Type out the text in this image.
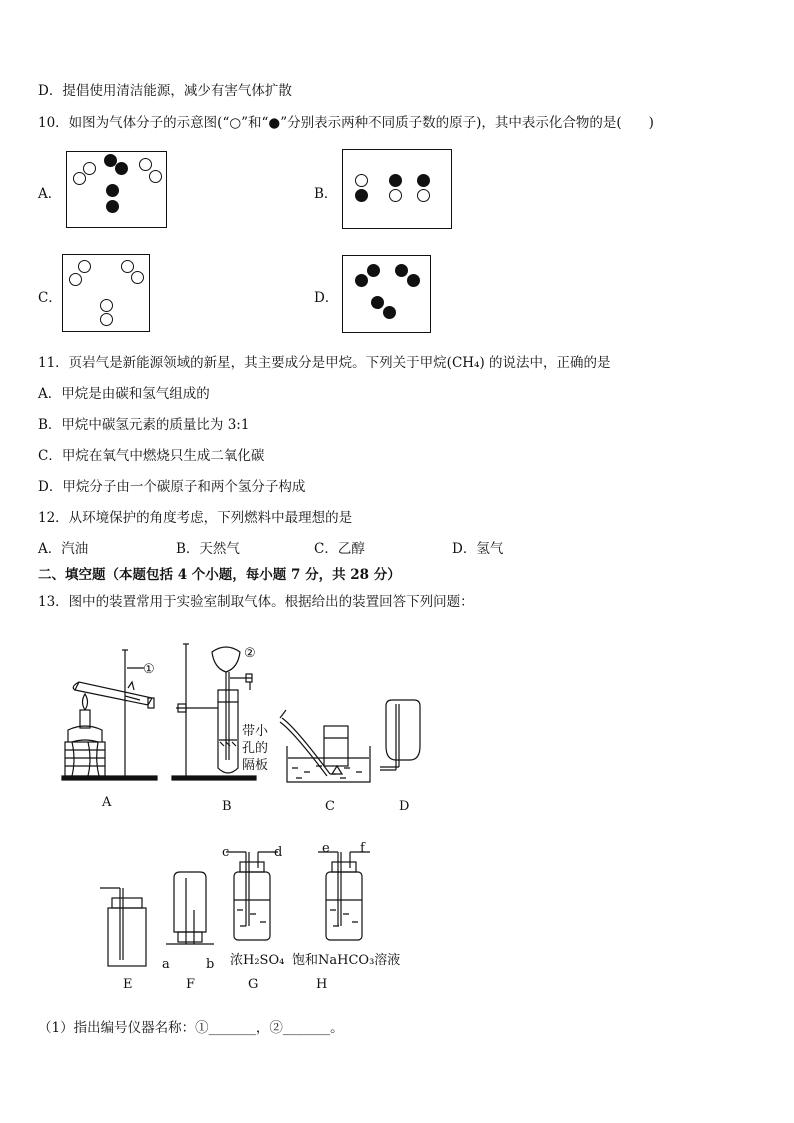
D．提倡使用清洁能源，减少有害气体扩散
10．如图为气体分子的示意图(“○”和“●”分别表示两种不同质子数的原子)，其中表示化合物的是(　　)
A．	B．
C．	D．
11．页岩气是新能源领域的新星，其主要成分是甲烷。下列关于甲烷(CH₄) 的说法中，正确的是
A．甲烷是由碳和氢气组成的
B．甲烷中碳氢元素的质量比为 3:1
C．甲烷在氧气中燃烧只生成二氧化碳
D．甲烷分子由一个碳原子和两个氢分子构成
12．从环境保护的角度考虑，下列燃料中最理想的是
A．汽油	B．天然气	C．乙醇	D．氢气
二、填空题（本题包括 4 个小题，每小题 7 分，共 28 分）
13．图中的装置常用于实验室制取气体。根据给出的装置回答下列问题：
①
②
带小
孔的
隔板
A	B	C	D
E	F	G	H
a	b
c	d	e f
浓H₂SO₄ 饱和NaHCO₃溶液
（1）指出编号仪器名称：①_______，②_______。
